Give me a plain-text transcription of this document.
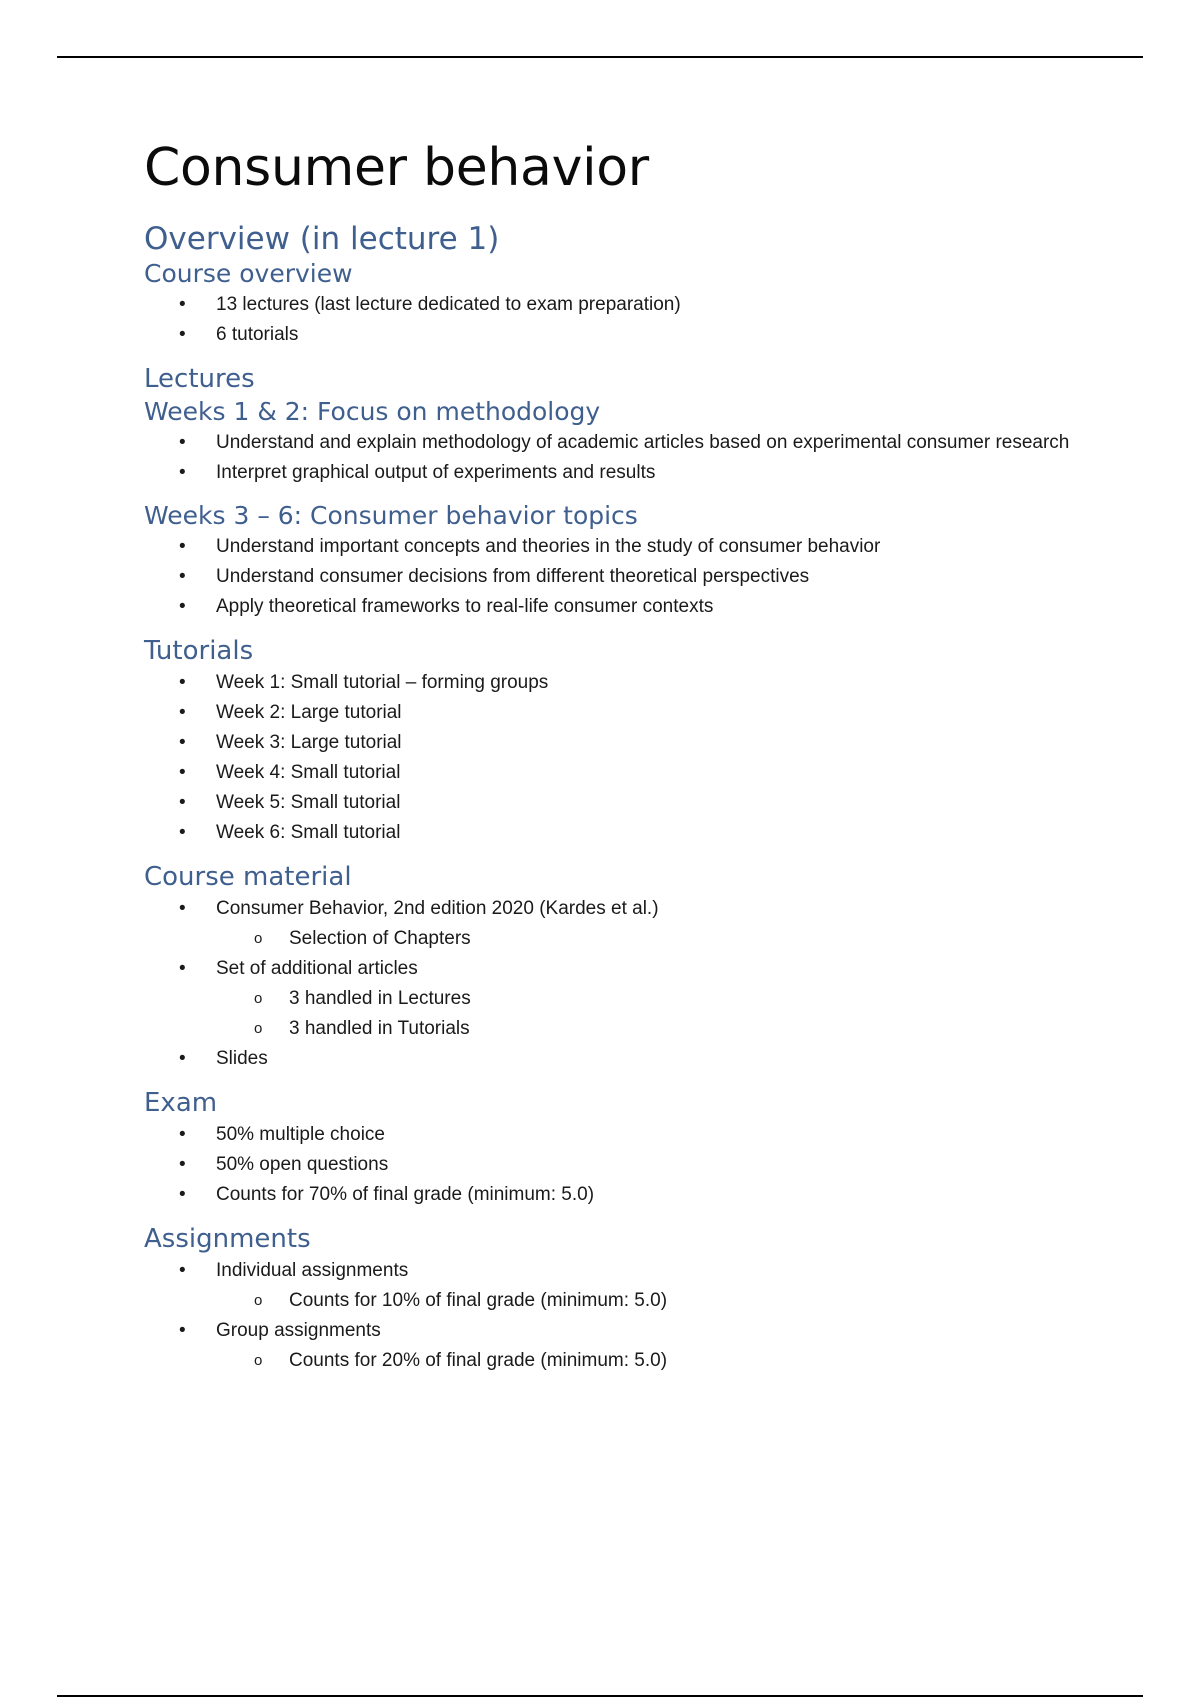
Consumer behavior
Overview (in lecture 1)
Course overview
• 13 lectures (last lecture dedicated to exam preparation)
• 6 tutorials
Lectures
Weeks 1 & 2: Focus on methodology
• Understand and explain methodology of academic articles based on experimental consumer research
• Interpret graphical output of experiments and results
Weeks 3 – 6: Consumer behavior topics
• Understand important concepts and theories in the study of consumer behavior
• Understand consumer decisions from different theoretical perspectives
• Apply theoretical frameworks to real-life consumer contexts
Tutorials
• Week 1: Small tutorial – forming groups
• Week 2: Large tutorial
• Week 3: Large tutorial
• Week 4: Small tutorial
• Week 5: Small tutorial
• Week 6: Small tutorial
Course material
• Consumer Behavior, 2nd edition 2020 (Kardes et al.)
o Selection of Chapters
• Set of additional articles
o 3 handled in Lectures
o 3 handled in Tutorials
• Slides
Exam
• 50% multiple choice
• 50% open questions
• Counts for 70% of final grade (minimum: 5.0)
Assignments
• Individual assignments
o Counts for 10% of final grade (minimum: 5.0)
• Group assignments
o Counts for 20% of final grade (minimum: 5.0)
